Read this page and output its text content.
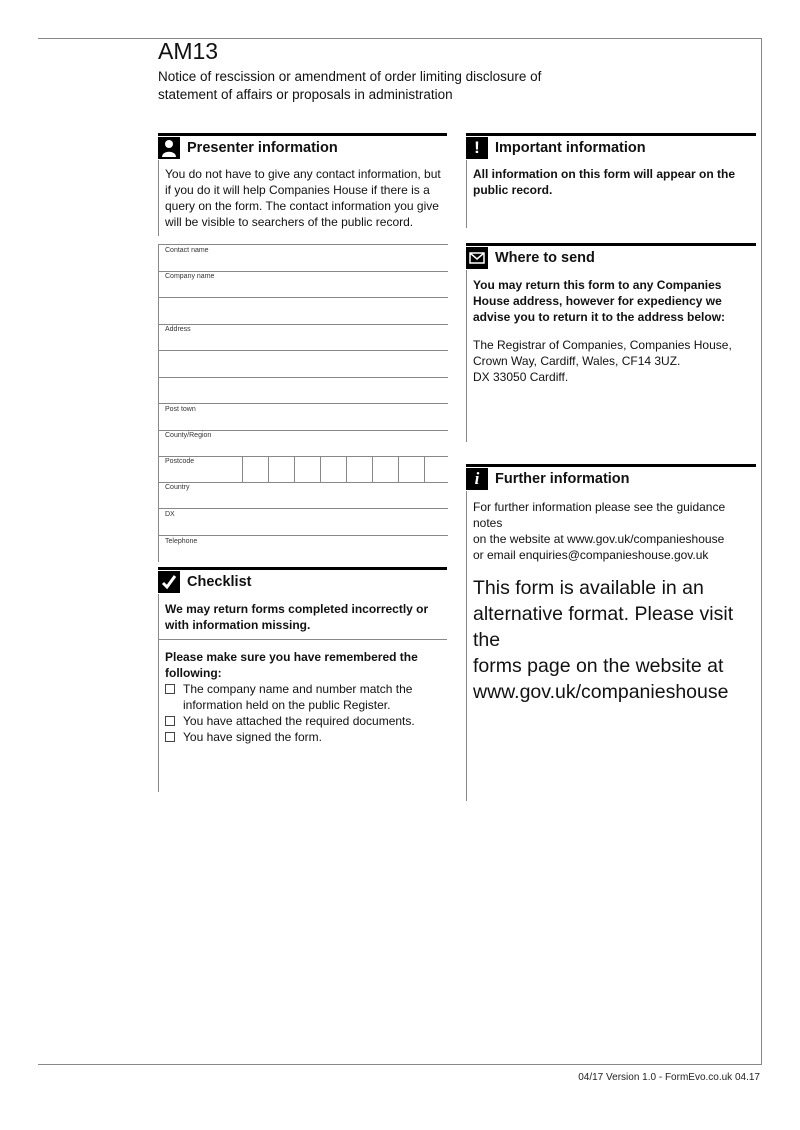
AM13
Notice of rescission or amendment of order limiting disclosure of
statement of affairs or proposals in administration
Presenter information
You do not have to give any contact information, but if you do it will help Companies House if there is a query on the form. The contact information you give will be visible to searchers of the public record.
Contact name
Company name
Address
Post town
County/Region
Postcode
Country
DX
Telephone
Checklist
We may return forms completed incorrectly or with information missing.
Please make sure you have remembered the following:
The company name and number match the information held on the public Register.
You have attached the required documents.
You have signed the form.
! Important information
All information on this form will appear on the public record.
Where to send
You may return this form to any Companies House address, however for expediency we advise you to return it to the address below:
The Registrar of Companies, Companies House,
Crown Way, Cardiff, Wales, CF14 3UZ.
DX 33050 Cardiff.
i Further information
For further information please see the guidance notes
on the website at www.gov.uk/companieshouse
or email enquiries@companieshouse.gov.uk
This form is available in an
alternative format. Please visit the
forms page on the website at
www.gov.uk/companieshouse
04/17 Version 1.0 - FormEvo.co.uk 04.17
